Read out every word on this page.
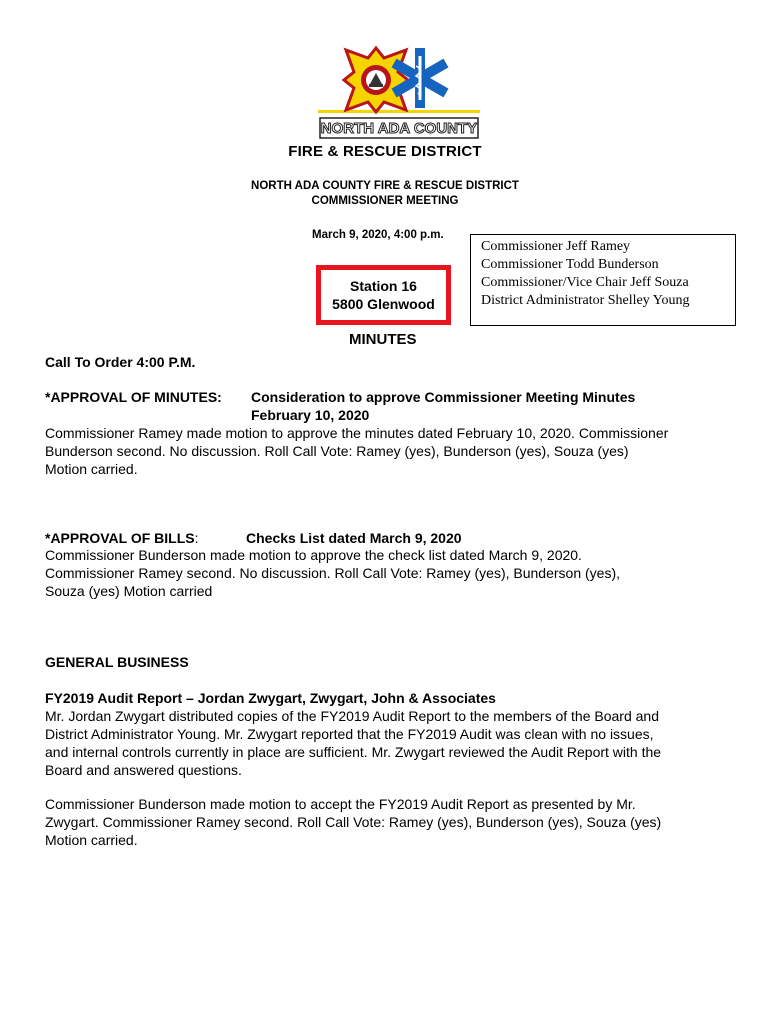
NORTH ADA COUNTY
FIRE & RESCUE DISTRICT
NORTH ADA COUNTY FIRE & RESCUE DISTRICT
COMMISSIONER MEETING
March 9, 2020, 4:00 p.m.
Station 16
5800 Glenwood
Commissioner Jeff Ramey
Commissioner Todd Bunderson
Commissioner/Vice Chair Jeff Souza
District Administrator Shelley Young
MINUTES
Call To Order 4:00 P.M.
*APPROVAL OF MINUTES: Consideration to approve Commissioner Meeting Minutes
February 10, 2020
Commissioner Ramey made motion to approve the minutes dated February 10, 2020. Commissioner
Bunderson second. No discussion. Roll Call Vote: Ramey (yes), Bunderson (yes), Souza (yes)
Motion carried.
*APPROVAL OF BILLS:	Checks List dated March 9, 2020
Commissioner Bunderson made motion to approve the check list dated March 9, 2020.
Commissioner Ramey second. No discussion. Roll Call Vote: Ramey (yes), Bunderson (yes),
Souza (yes) Motion carried
GENERAL BUSINESS
FY2019 Audit Report – Jordan Zwygart, Zwygart, John & Associates
Mr. Jordan Zwygart distributed copies of the FY2019 Audit Report to the members of the Board and
District Administrator Young. Mr. Zwygart reported that the FY2019 Audit was clean with no issues,
and internal controls currently in place are sufficient. Mr. Zwygart reviewed the Audit Report with the
Board and answered questions.
Commissioner Bunderson made motion to accept the FY2019 Audit Report as presented by Mr.
Zwygart. Commissioner Ramey second. Roll Call Vote: Ramey (yes), Bunderson (yes), Souza (yes)
Motion carried.
